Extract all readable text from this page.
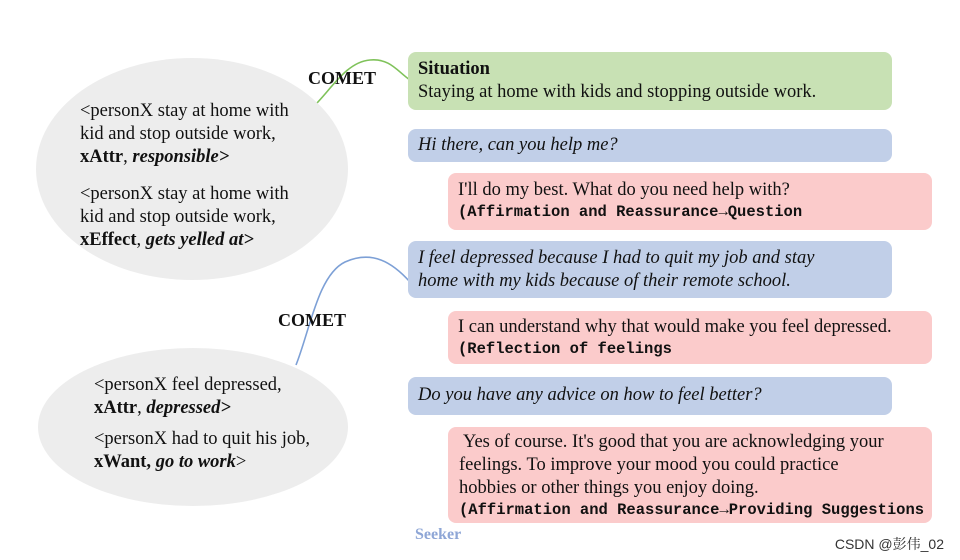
<personX stay at home with
kid and stop outside work,
xAttr, responsible>
<personX stay at home with
kid and stop outside work,
xEffect, gets yelled at>
<personX feel depressed,
xAttr, depressed>
<personX had to quit his job,
xWant, go to work>
COMET
COMET
Situation
Staying at home with kids and stopping outside work.
Hi there, can you help me?
I'll do my best. What do you need help with?
(Affirmation and Reassurance→Question
I feel depressed because I had to quit my job and stay
home with my kids because of their remote school.
I can understand why that would make you feel depressed.
(Reflection of feelings
Do you have any advice on how to feel better?
Yes of course. It's good that you are acknowledging your
feelings. To improve your mood you could practice
hobbies or other things you enjoy doing.
(Affirmation and Reassurance→Providing Suggestions
Seeker
CSDN @彭伟_02
